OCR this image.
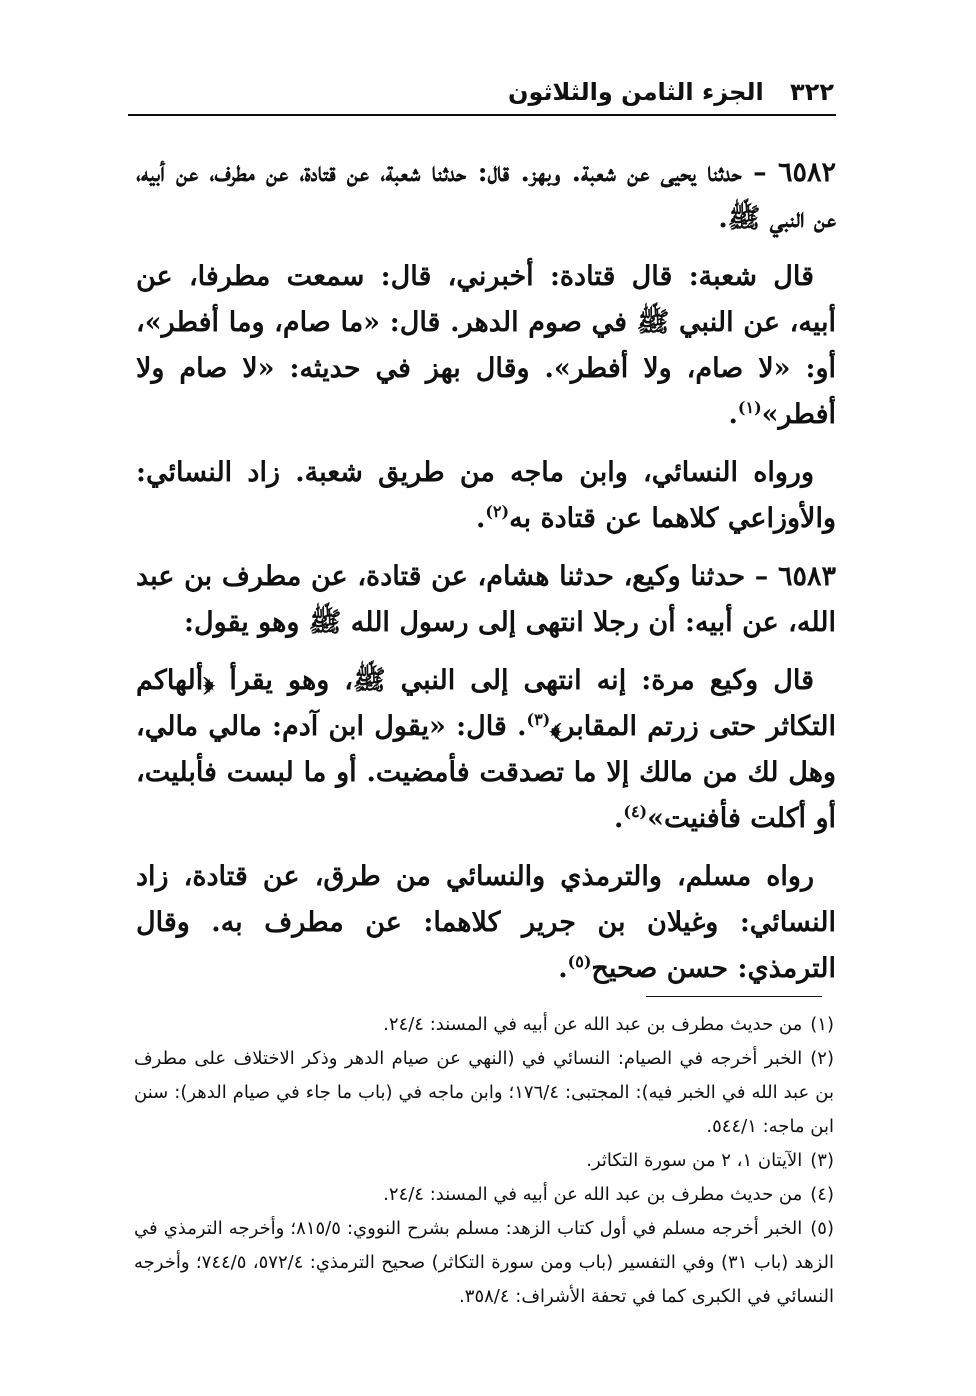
٣٢٢ الجزء الثامن والثلاثون

٦٥٨٢ – حدثنا يحيى عن شعبة. وبهز. قال: حدثنا شعبة، عن قتادة، عن مطرف، عن أبيه، عن النبي ﷺ.

قال شعبة: قال قتادة: أخبرني، قال: سمعت مطرفا، عن أبيه، عن النبي ﷺ في صوم الدهر. قال: «ما صام، وما أفطر»، أو: «لا صام، ولا أفطر». وقال بهز في حديثه: «لا صام ولا أفطر»$^{(١)}$.

ورواه النسائي، وابن ماجه من طريق شعبة. زاد النسائي: والأوزاعي كلاهما عن قتادة به$^{(٢)}$.

٦٥٨٣ – حدثنا وكيع، حدثنا هشام، عن قتادة، عن مطرف بن عبد الله، عن أبيه: أن رجلا انتهى إلى رسول الله ﷺ وهو يقول:

قال وكيع مرة: إنه انتهى إلى النبي ﷺ، وهو يقرأ ﴿ألهاكم التكاثر حتى زرتم المقابر﴾$^{(٣)}$. قال: «يقول ابن آدم: مالي مالي، وهل لك من مالك إلا ما تصدقت فأمضيت. أو ما لبست فأبليت، أو أكلت فأفنيت»$^{(٤)}$.

رواه مسلم، والترمذي والنسائي من طرق، عن قتادة، زاد النسائي: وغيلان بن جرير كلاهما: عن مطرف به. وقال الترمذي: حسن صحيح$^{(٥)}$.

(١)من حديث مطرف بن عبد الله عن أبيه في المسند: ٢٤/٤.

(٢)الخبر أخرجه في الصيام: النسائي في (النهي عن صيام الدهر وذكر الاختلاف على مطرف بن عبد الله في الخبر فيه): المجتبى: ١٧٦/٤؛ وابن ماجه في (باب ما جاء في صيام الدهر): سنن ابن ماجه: ٥٤٤/١.

(٣)الآيتان ١، ٢ من سورة التكاثر.

(٤)من حديث مطرف بن عبد الله عن أبيه في المسند: ٢٤/٤.

(٥)الخبر أخرجه مسلم في أول كتاب الزهد: مسلم بشرح النووي: ٨١٥/٥؛ وأخرجه الترمذي في الزهد (باب ٣١) وفي التفسير (باب ومن سورة التكاثر) صحيح الترمذي: ٥٧٢/٤، ٧٤٤/٥؛ وأخرجه النسائي في الكبرى كما في تحفة الأشراف: ٣٥٨/٤.
